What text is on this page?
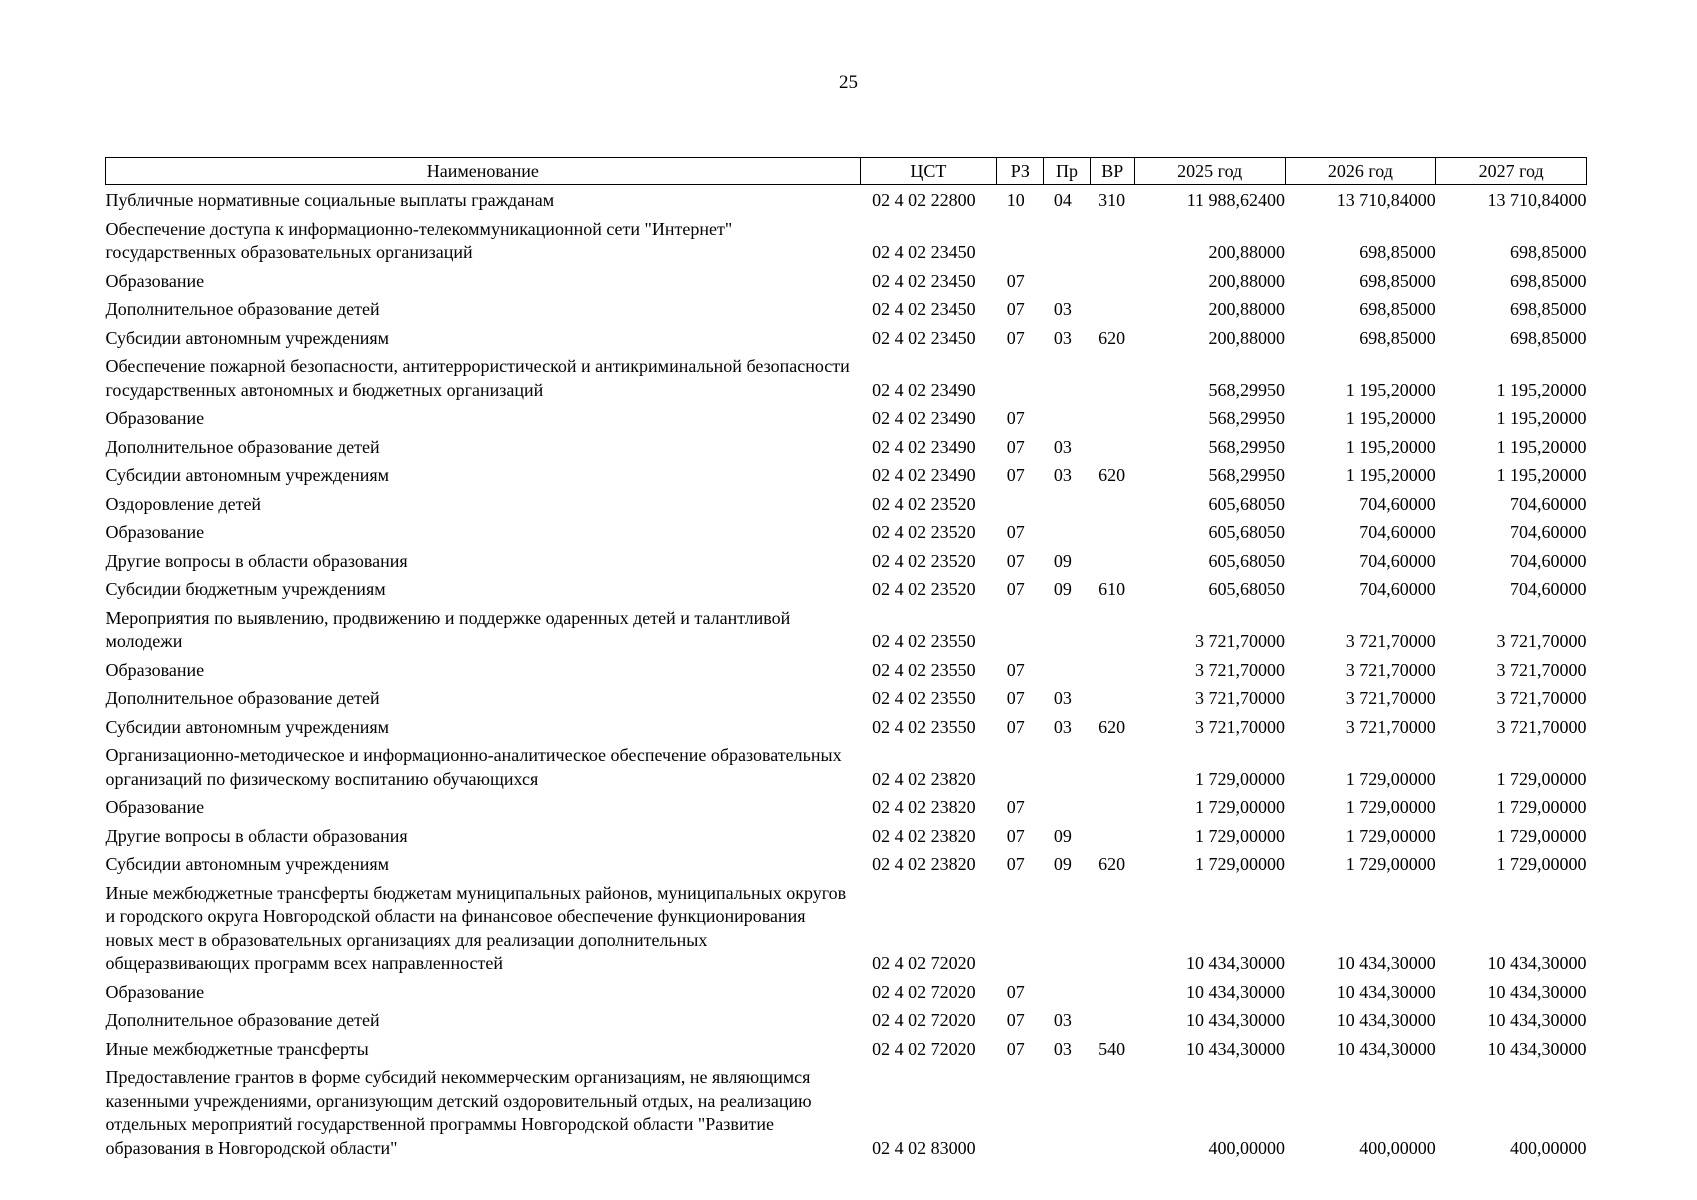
25
Наименование	ЦСТ	РЗ	Пр	ВР	2025 год	2026 год	2027 год
Публичные нормативные социальные выплаты гражданам	02 4 02 22800	10	04	310	11 988,62400	13 710,84000	13 710,84000
Обеспечение доступа к информационно-телекоммуникационной сети "Интернет" государственных образовательных организаций	02 4 02 23450				200,88000	698,85000	698,85000
Образование	02 4 02 23450	07			200,88000	698,85000	698,85000
Дополнительное образование детей	02 4 02 23450	07	03		200,88000	698,85000	698,85000
Субсидии автономным учреждениям	02 4 02 23450	07	03	620	200,88000	698,85000	698,85000
Обеспечение пожарной безопасности, антитеррористической и антикриминальной безопасности государственных автономных и бюджетных организаций	02 4 02 23490				568,29950	1 195,20000	1 195,20000
Образование	02 4 02 23490	07			568,29950	1 195,20000	1 195,20000
Дополнительное образование детей	02 4 02 23490	07	03		568,29950	1 195,20000	1 195,20000
Субсидии автономным учреждениям	02 4 02 23490	07	03	620	568,29950	1 195,20000	1 195,20000
Оздоровление детей	02 4 02 23520				605,68050	704,60000	704,60000
Образование	02 4 02 23520	07			605,68050	704,60000	704,60000
Другие вопросы в области образования	02 4 02 23520	07	09		605,68050	704,60000	704,60000
Субсидии бюджетным учреждениям	02 4 02 23520	07	09	610	605,68050	704,60000	704,60000
Мероприятия по выявлению, продвижению и поддержке одаренных детей и талантливой молодежи	02 4 02 23550				3 721,70000	3 721,70000	3 721,70000
Образование	02 4 02 23550	07			3 721,70000	3 721,70000	3 721,70000
Дополнительное образование детей	02 4 02 23550	07	03		3 721,70000	3 721,70000	3 721,70000
Субсидии автономным учреждениям	02 4 02 23550	07	03	620	3 721,70000	3 721,70000	3 721,70000
Организационно-методическое и информационно-аналитическое обеспечение образовательных организаций по физическому воспитанию обучающихся	02 4 02 23820				1 729,00000	1 729,00000	1 729,00000
Образование	02 4 02 23820	07			1 729,00000	1 729,00000	1 729,00000
Другие вопросы в области образования	02 4 02 23820	07	09		1 729,00000	1 729,00000	1 729,00000
Субсидии автономным учреждениям	02 4 02 23820	07	09	620	1 729,00000	1 729,00000	1 729,00000
Иные межбюджетные трансферты бюджетам муниципальных районов, муниципальных округов и городского округа Новгородской области на финансовое обеспечение функционирования новых мест в образовательных организациях для реализации дополнительных общеразвивающих программ всех направленностей	02 4 02 72020				10 434,30000	10 434,30000	10 434,30000
Образование	02 4 02 72020	07			10 434,30000	10 434,30000	10 434,30000
Дополнительное образование детей	02 4 02 72020	07	03		10 434,30000	10 434,30000	10 434,30000
Иные межбюджетные трансферты	02 4 02 72020	07	03	540	10 434,30000	10 434,30000	10 434,30000
Предоставление грантов в форме субсидий некоммерческим организациям, не являющимся казенными учреждениями, организующим детский оздоровительный отдых, на реализацию отдельных мероприятий государственной программы Новгородской области "Развитие образования в Новгородской области"	02 4 02 83000				400,00000	400,00000	400,00000
